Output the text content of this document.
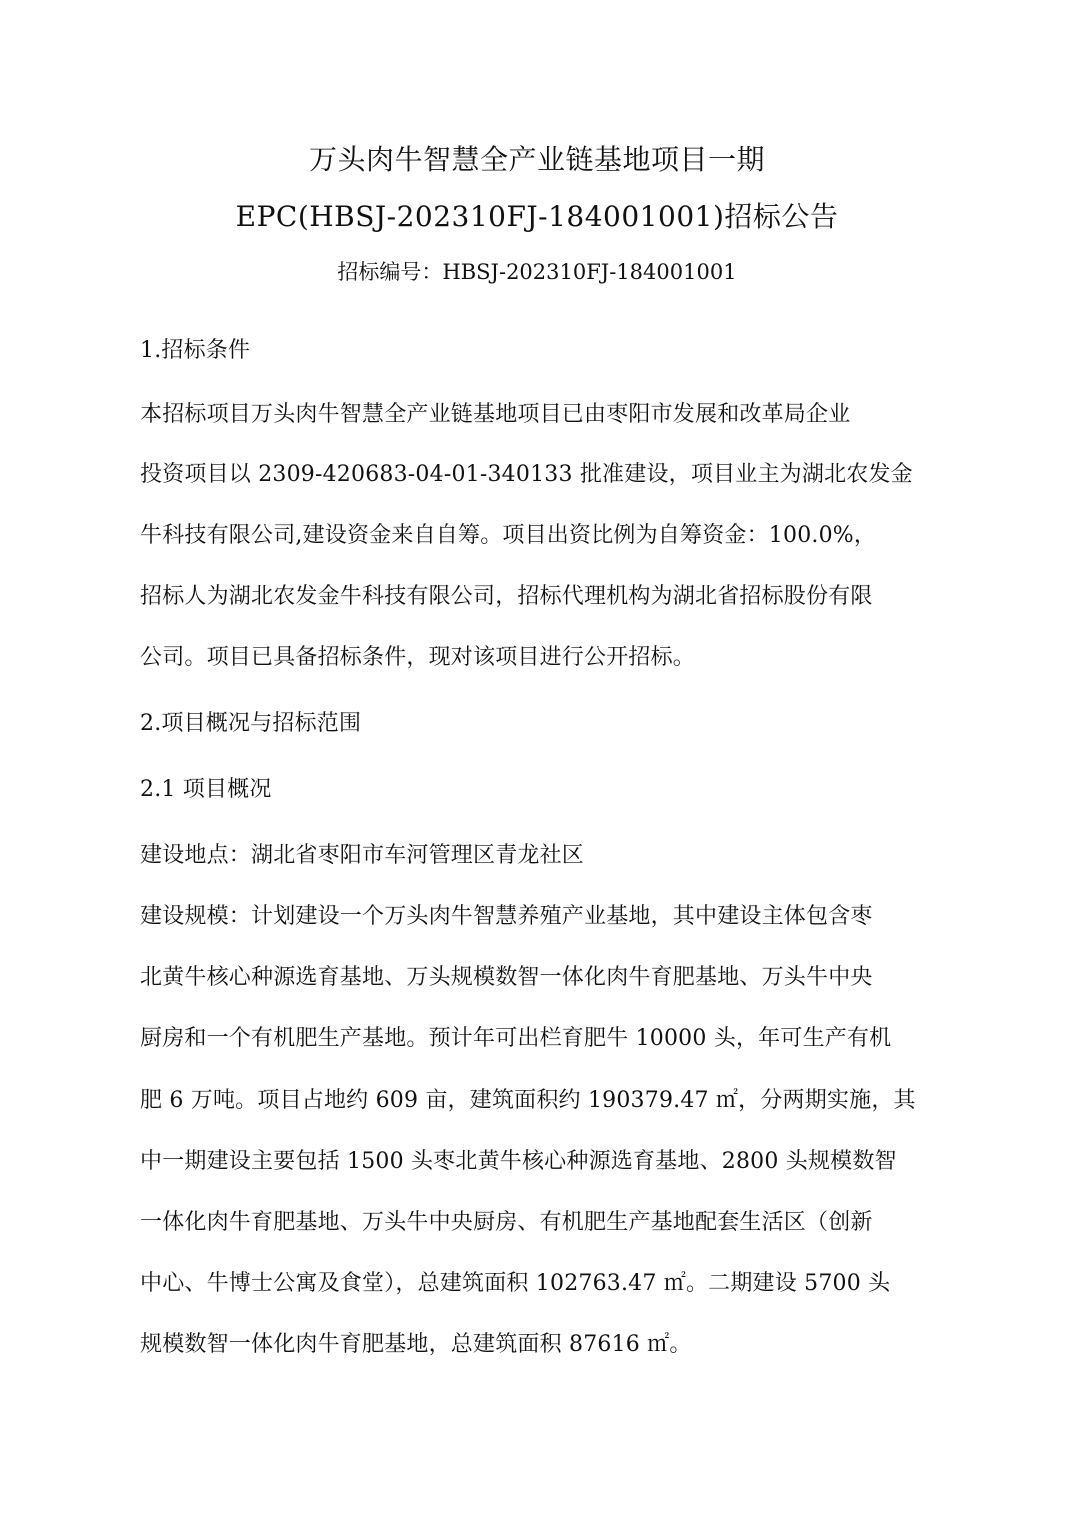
万头肉牛智慧全产业链基地项目一期
EPC(HBSJ-202310FJ-184001001)招标公告
招标编号：HBSJ-202310FJ-184001001
1.招标条件
本招标项目万头肉牛智慧全产业链基地项目已由枣阳市发展和改革局企业
投资项目以 2309-420683-04-01-340133 批准建设，项目业主为湖北农发金
牛科技有限公司,建设资金来自自筹。项目出资比例为自筹资金：100.0%，
招标人为湖北农发金牛科技有限公司，招标代理机构为湖北省招标股份有限
公司。项目已具备招标条件，现对该项目进行公开招标。
2.项目概况与招标范围
2.1 项目概况
建设地点：湖北省枣阳市车河管理区青龙社区
建设规模：计划建设一个万头肉牛智慧养殖产业基地，其中建设主体包含枣
北黄牛核心种源选育基地、万头规模数智一体化肉牛育肥基地、万头牛中央
厨房和一个有机肥生产基地。预计年可出栏育肥牛 10000 头，年可生产有机
肥 6 万吨。项目占地约 609 亩，建筑面积约 190379.47 ㎡，分两期实施，其
中一期建设主要包括 1500 头枣北黄牛核心种源选育基地、2800 头规模数智
一体化肉牛育肥基地、万头牛中央厨房、有机肥生产基地配套生活区（创新
中心、牛博士公寓及食堂），总建筑面积 102763.47 ㎡。二期建设 5700 头
规模数智一体化肉牛育肥基地，总建筑面积 87616 ㎡。
